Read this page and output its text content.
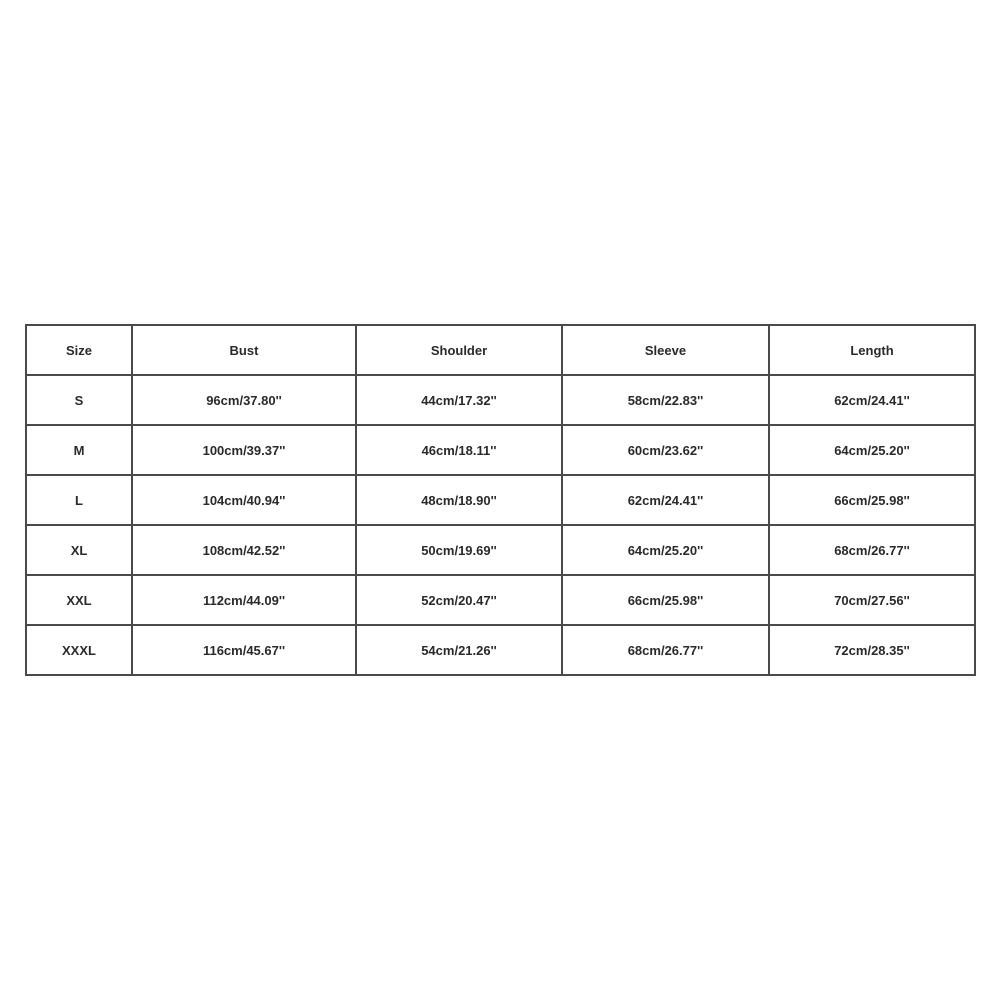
Size	Bust	Shoulder	Sleeve	Length
S	96cm/37.80''	44cm/17.32''	58cm/22.83''	62cm/24.41''
M	100cm/39.37''	46cm/18.11''	60cm/23.62''	64cm/25.20''
L	104cm/40.94''	48cm/18.90''	62cm/24.41''	66cm/25.98''
XL	108cm/42.52''	50cm/19.69''	64cm/25.20''	68cm/26.77''
XXL	112cm/44.09''	52cm/20.47''	66cm/25.98''	70cm/27.56''
XXXL	116cm/45.67''	54cm/21.26''	68cm/26.77''	72cm/28.35''
